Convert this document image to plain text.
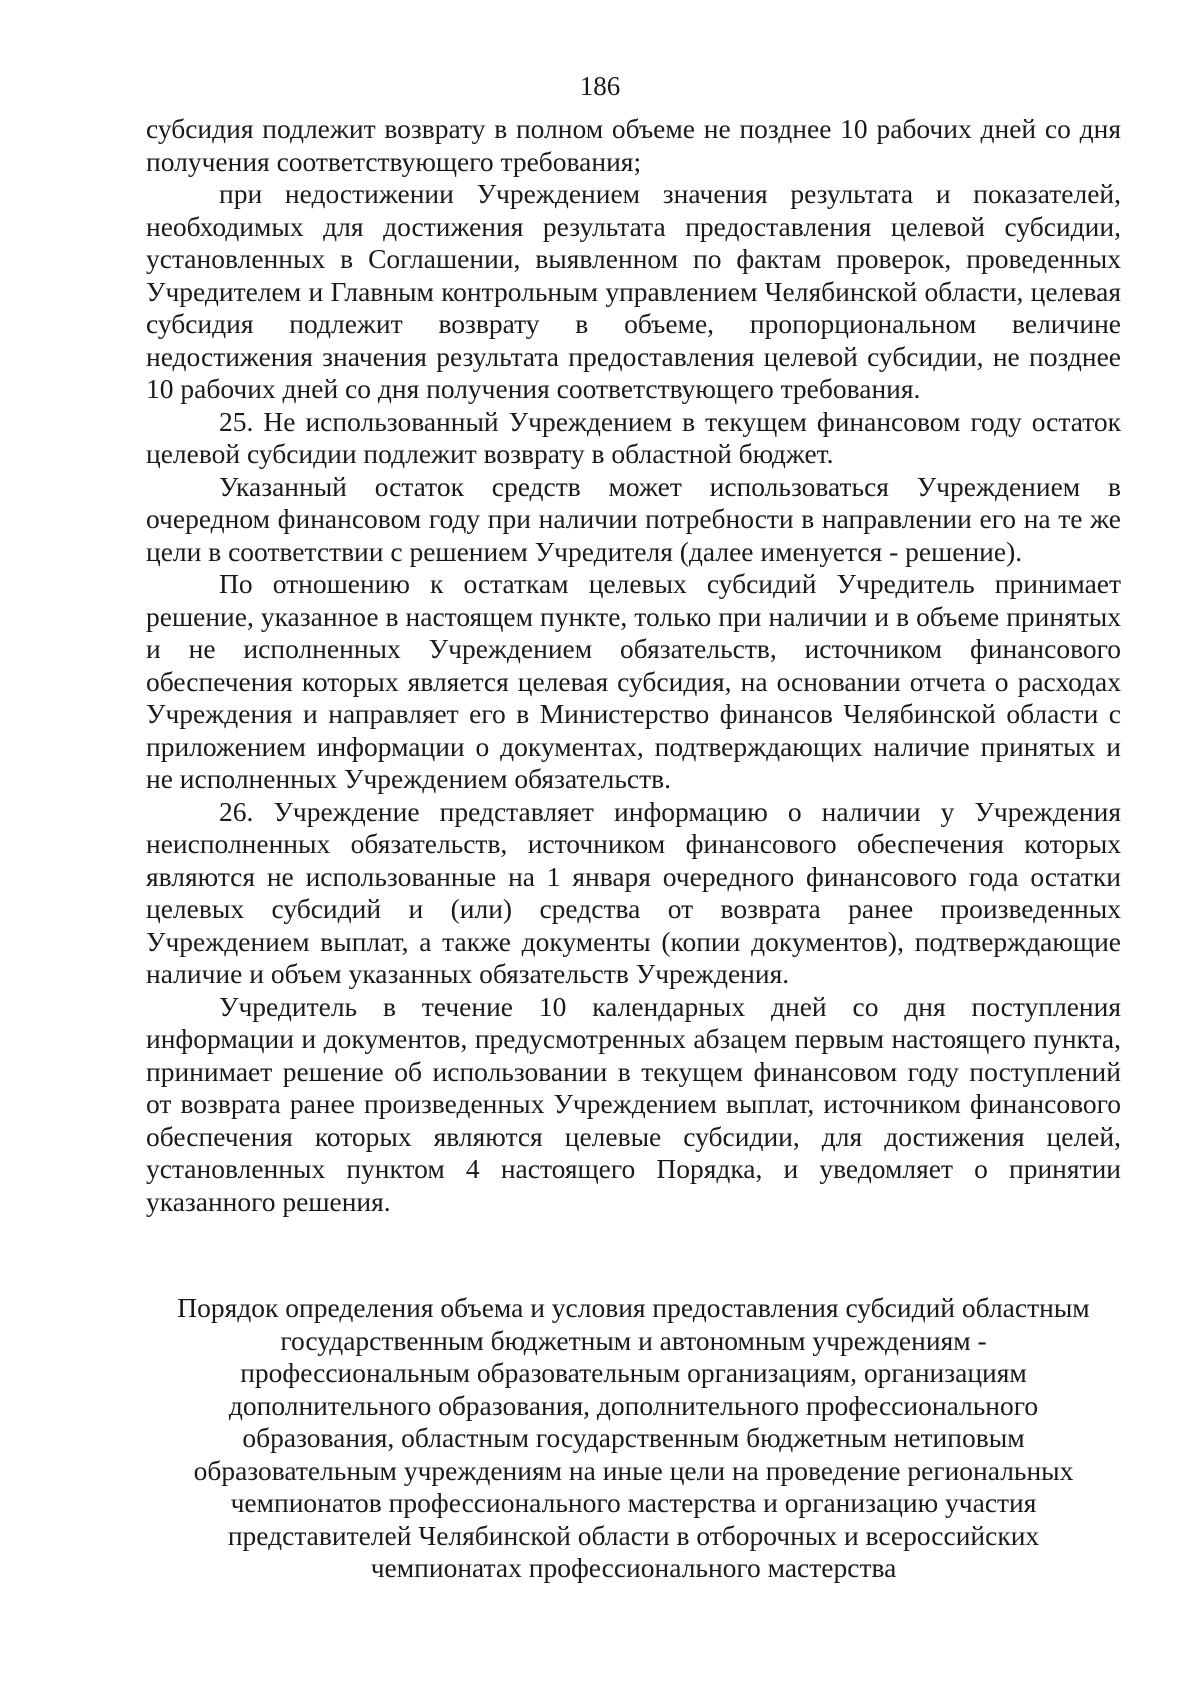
186

субсидия подлежит возврату в полном объеме не позднее 10 рабочих дней со дня получения соответствующего требования;

при недостижении Учреждением значения результата и показателей, необходимых для достижения результата предоставления целевой субсидии, установленных в Соглашении, выявленном по фактам проверок, проведенных Учредителем и Главным контрольным управлением Челябинской области, целевая субсидия подлежит возврату в объеме, пропорциональном величине недостижения значения результата предоставления целевой субсидии, не позднее 10 рабочих дней со дня получения соответствующего требования.

25. Не использованный Учреждением в текущем финансовом году остаток целевой субсидии подлежит возврату в областной бюджет.

Указанный остаток средств может использоваться Учреждением в очередном финансовом году при наличии потребности в направлении его на те же цели в соответствии с решением Учредителя (далее именуется - решение).

По отношению к остаткам целевых субсидий Учредитель принимает решение, указанное в настоящем пункте, только при наличии и в объеме принятых и не исполненных Учреждением обязательств, источником финансового обеспечения которых является целевая субсидия, на основании отчета о расходах Учреждения и направляет его в Министерство финансов Челябинской области с приложением информации о документах, подтверждающих наличие принятых и не исполненных Учреждением обязательств.

26. Учреждение представляет информацию о наличии у Учреждения неисполненных обязательств, источником финансового обеспечения которых являются не использованные на 1 января очередного финансового года остатки целевых субсидий и (или) средства от возврата ранее произведенных Учреждением выплат, а также документы (копии документов), подтверждающие наличие и объем указанных обязательств Учреждения.

Учредитель в течение 10 календарных дней со дня поступления информации и документов, предусмотренных абзацем первым настоящего пункта, принимает решение об использовании в текущем финансовом году поступлений от возврата ранее произведенных Учреждением выплат, источником финансового обеспечения которых являются целевые субсидии, для достижения целей, установленных пунктом 4 настоящего Порядка, и уведомляет о принятии указанного решения.

Порядок определения объема и условия предоставления субсидий областным
государственным бюджетным и автономным учреждениям -
профессиональным образовательным организациям, организациям
дополнительного образования, дополнительного профессионального
образования, областным государственным бюджетным нетиповым
образовательным учреждениям на иные цели на проведение региональных
чемпионатов профессионального мастерства и организацию участия
представителей Челябинской области в отборочных и всероссийских
чемпионатах профессионального мастерства
